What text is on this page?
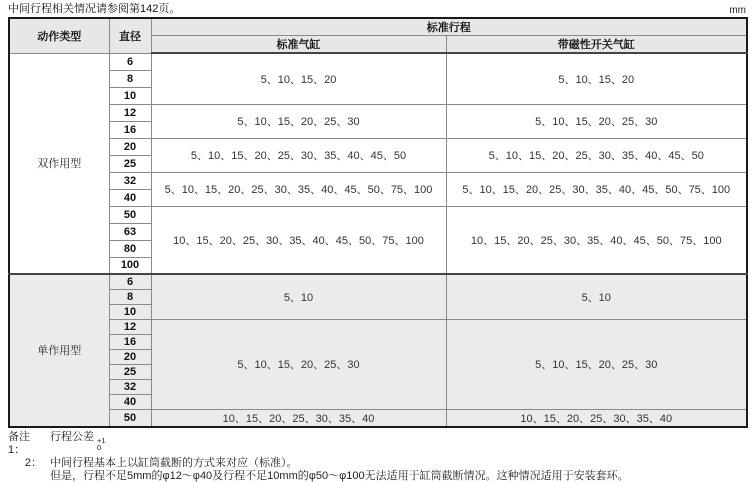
中间行程相关情况请参阅第142页。	mm
动作类型	直径	标准行程	
		标准气缸	带磁性开关气缸
双作用型	6	5、10、15、20	5、10、15、20
	8		
	10		
	12	5、10、15、20、25、30	5、10、15、20、25、30
	16		
	20	5、10、15、20、25、30、35、40、45、50	5、10、15、20、25、30、35、40、45、50
	25		
	32	5、10、15、20、25、30、35、40、45、50、75、100	5、10、15、20、25、30、35、40、45、50、75、100
	40		
	50	10、15、20、25、30、35、40、45、50、75、100	10、15、20、25、30、35、40、45、50、75、100
	63		
	80		
	100		
单作用型	6	5、10	5、10
	8		
	10		
	12	5、10、15、20、25、30	5、10、15、20、25、30
	16		
	20		
	25		
	32		
	40		
	50	10、15、20、25、30、35、40	10、15、20、25、30、35、40
备注1：
行程公差 +1
0
2： 中间行程基本上以缸筒截断的方式来对应（标准）。
但是，行程不足5mm的φ12～φ40及行程不足10mm的φ50～φ100无法适用于缸筒截断情况。这种情况适用于安装套环。
